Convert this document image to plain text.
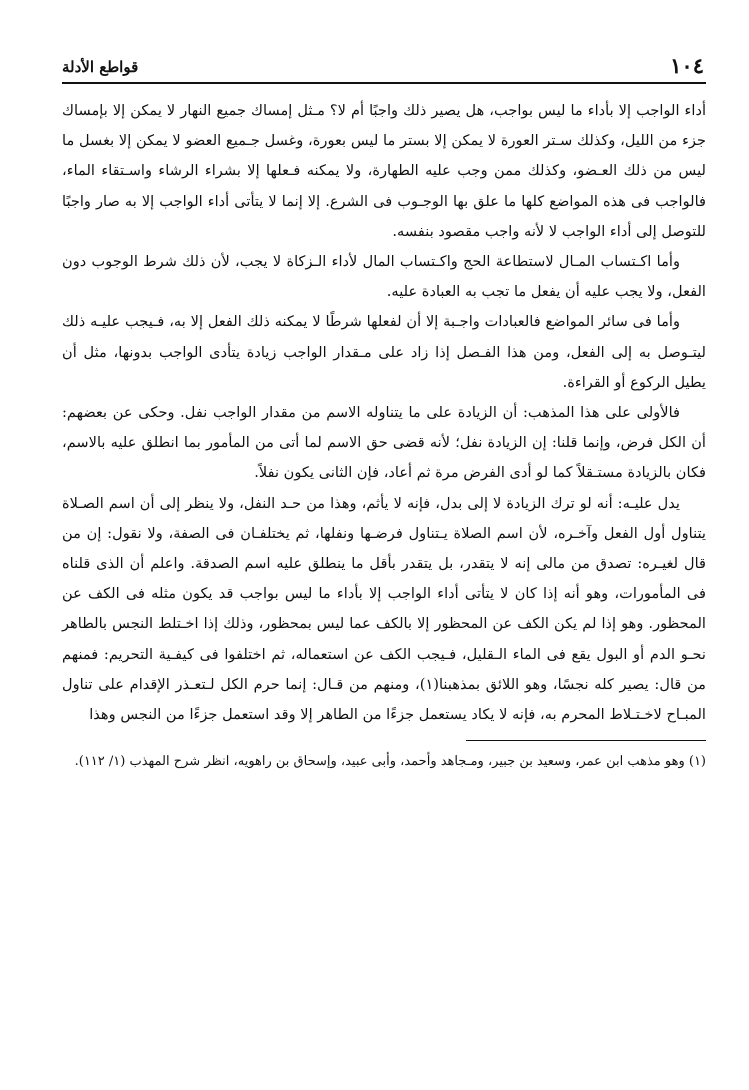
١٠٤
قواطع الأدلة

أداء الواجب إلا بأداء ما ليس بواجب، هل يصير ذلك واجبًا أم لا؟ مـثل إمساك جميع النهار لا يمكن إلا بإمساك جزء من الليل، وكذلك سـتر العورة لا يمكن إلا بستر ما ليس بعورة، وغسل جـميع العضو لا يمكن إلا بغسل ما ليس من ذلك العـضو، وكذلك ممن وجب عليه الطهارة، ولا يمكنه فـعلها إلا بشراء الرشاء واسـتقاء الماء، فالواجب فى هذه المواضع كلها ما علق بها الوجـوب فى الشرع. إلا إنما لا يتأتى أداء الواجب إلا به صار واجبًا للتوصل إلى أداء الواجب لا لأنه واجب مقصود بنفسه.

وأما اكـتساب المـال لاستطاعة الحج واكـتساب المال لأداء الـزكاة لا يجب، لأن ذلك شرط الوجوب دون الفعل، ولا يجب عليه أن يفعل ما تجب به العبادة عليه.

وأما فى سائر المواضع فالعبادات واجـبة إلا أن لفعلها شرطًا لا يمكنه ذلك الفعل إلا به، فـيجب عليـه ذلك ليتـوصل به إلى الفعل، ومن هذا الفـصل إذا زاد على مـقدار الواجب زيادة يتأدى الواجب بدونها، مثل أن يطيل الركوع أو القراءة.

فالأولى على هذا المذهب: أن الزيادة على ما يتناوله الاسم من مقدار الواجب نفل. وحكى عن بعضهم: أن الكل فرض، وإنما قلنا: إن الزيادة نفل؛ لأنه قضى حق الاسم لما أتى من المأمور بما انطلق عليه بالاسم، فكان بالزيادة مستـقلاً كما لو أدى الفرض مرة ثم أعاد، فإن الثانى يكون نفلاً.

يدل عليـه: أنه لو ترك الزيادة لا إلى بدل، فإنه لا يأثم، وهذا من حـد النفل، ولا ينظر إلى أن اسم الصـلاة يتناول أول الفعل وآخـره، لأن اسم الصلاة يـتناول فرضـها ونفلها، ثم يختلفـان فى الصفة، ولا نقول: إن من قال لغيـره: تصدق من مالى إنه لا يتقدر، بل يتقدر بأقل ما ينطلق عليه اسم الصدقة. واعلم أن الذى قلناه فى المأمورات، وهو أنه إذا كان لا يتأتى أداء الواجب إلا بأداء ما ليس بواجب قد يكون مثله فى الكف عن المحظور. وهو إذا لم يكن الكف عن المحظور إلا بالكف عما ليس بمحظور، وذلك إذا اخـتلط النجس بالطاهر نحـو الدم أو البول يقع فى الماء الـقليل، فـيجب الكف عن استعماله، ثم اختلفوا فى كيفـية التحريم: فمنهم من قال: يصير كله نجسًا، وهو اللائق بمذهبنا(١)، ومنهم من قـال: إنما حرم الكل لـتعـذر الإقدام على تناول المبـاح لاخـتـلاط المحرم به، فإنه لا يكاد يستعمل جزءًا من الطاهر إلا وقد استعمل جزءًا من النجس وهذا

(١) وهو مذهب ابن عمر، وسعيد بن جبير، ومـجاهد وأحمد، وأبى عبيد، وإسحاق بن راهويه، انظر شرح المهذب (١/ ١١٢).
